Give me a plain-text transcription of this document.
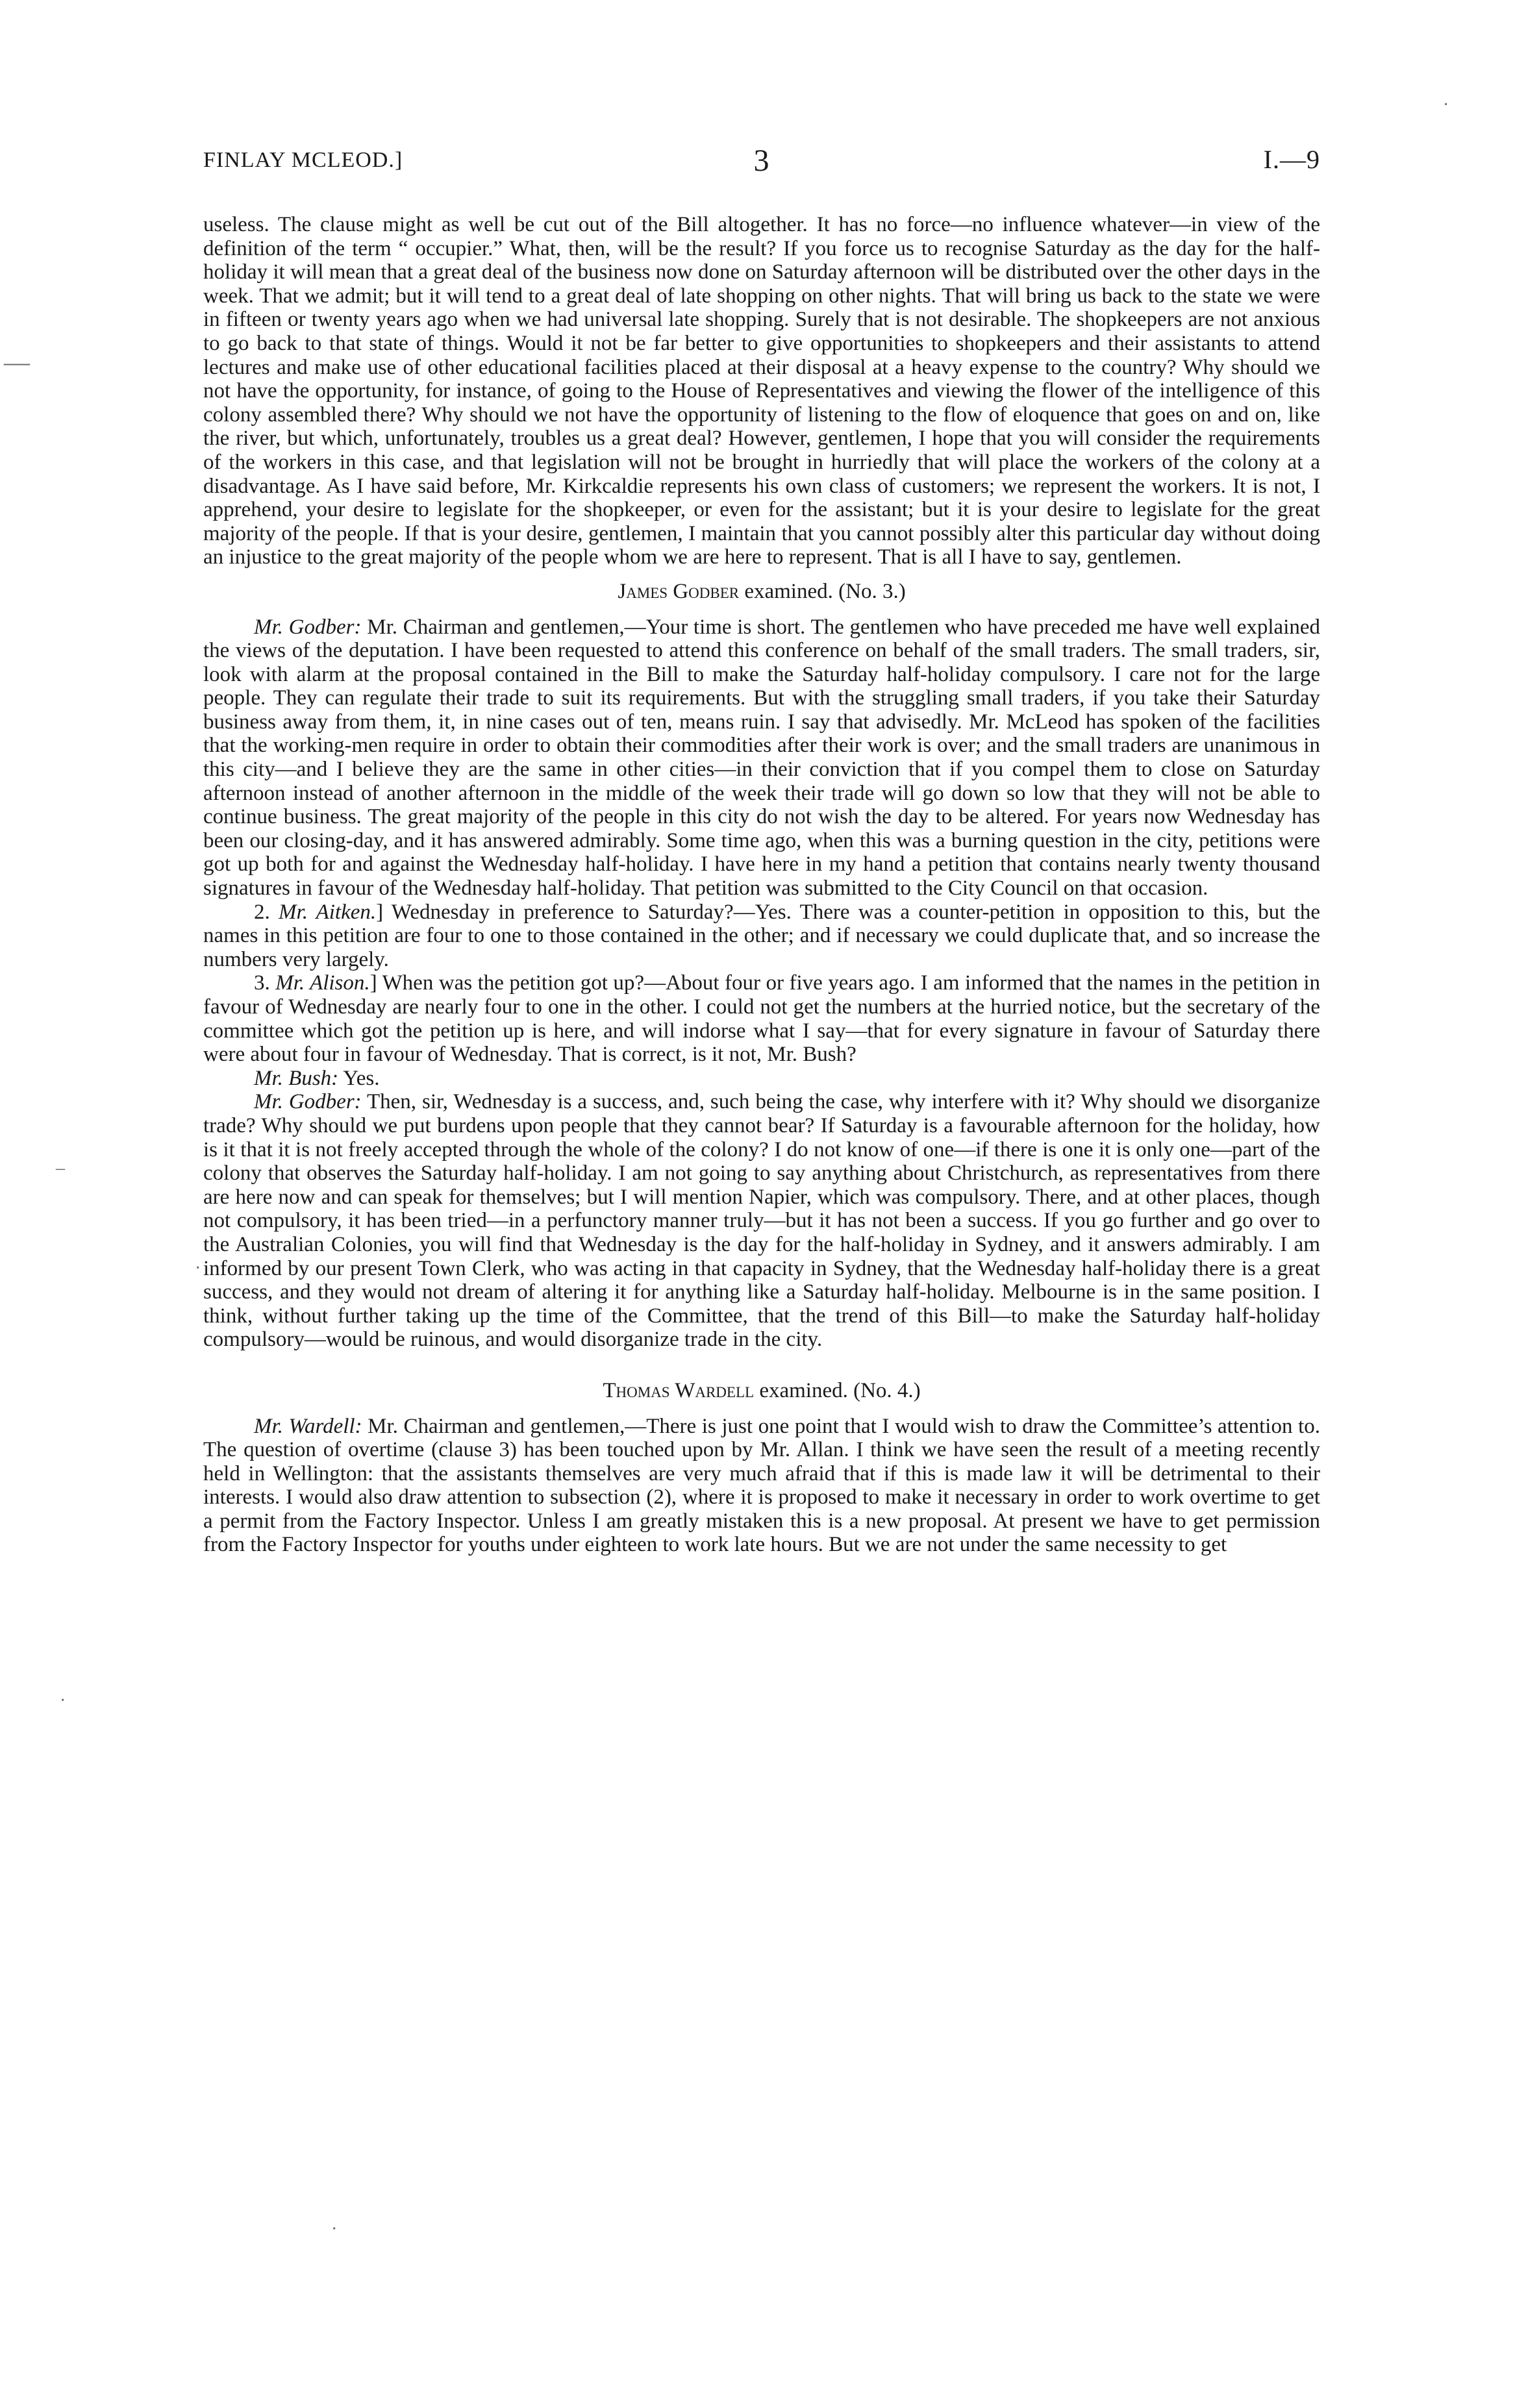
—
·
–
·
·
·
FINLAY MCLEOD.]	3	I.—9

useless. The clause might as well be cut out of the Bill altogether. It has no force—no influence whatever—in view of the definition of the term “ occupier.” What, then, will be the result? If you force us to recognise Saturday as the day for the half-holiday it will mean that a great deal of the business now done on Saturday afternoon will be distributed over the other days in the week. That we admit; but it will tend to a great deal of late shopping on other nights. That will bring us back to the state we were in fifteen or twenty years ago when we had universal late shopping. Surely that is not desirable. The shopkeepers are not anxious to go back to that state of things. Would it not be far better to give opportunities to shopkeepers and their assistants to attend lectures and make use of other educational facilities placed at their disposal at a heavy expense to the country? Why should we not have the opportunity, for instance, of going to the House of Representatives and viewing the flower of the intelligence of this colony assembled there? Why should we not have the opportunity of listening to the flow of eloquence that goes on and on, like the river, but which, unfortunately, troubles us a great deal? However, gentlemen, I hope that you will consider the requirements of the workers in this case, and that legislation will not be brought in hurriedly that will place the workers of the colony at a disadvantage. As I have said before, Mr. Kirkcaldie represents his own class of customers; we represent the workers. It is not, I apprehend, your desire to legislate for the shopkeeper, or even for the assistant; but it is your desire to legislate for the great majority of the people. If that is your desire, gentlemen, I maintain that you cannot possibly alter this particular day without doing an injustice to the great majority of the people whom we are here to represent. That is all I have to say, gentlemen.

James Godber examined. (No. 3.)

Mr. Godber: Mr. Chairman and gentlemen,—Your time is short. The gentlemen who have preceded me have well explained the views of the deputation. I have been requested to attend this conference on behalf of the small traders. The small traders, sir, look with alarm at the proposal contained in the Bill to make the Saturday half-holiday compulsory. I care not for the large people. They can regulate their trade to suit its requirements. But with the struggling small traders, if you take their Saturday business away from them, it, in nine cases out of ten, means ruin. I say that advisedly. Mr. McLeod has spoken of the facilities that the working-men require in order to obtain their commodities after their work is over; and the small traders are unanimous in this city—and I believe they are the same in other cities—in their conviction that if you compel them to close on Saturday afternoon instead of another afternoon in the middle of the week their trade will go down so low that they will not be able to continue business. The great majority of the people in this city do not wish the day to be altered. For years now Wednesday has been our closing-day, and it has answered admirably. Some time ago, when this was a burning question in the city, petitions were got up both for and against the Wednesday half-holiday. I have here in my hand a petition that contains nearly twenty thousand signatures in favour of the Wednesday half-holiday. That petition was submitted to the City Council on that occasion.

2. Mr. Aitken.] Wednesday in preference to Saturday?—Yes. There was a counter-petition in opposition to this, but the names in this petition are four to one to those contained in the other; and if necessary we could duplicate that, and so increase the numbers very largely.

3. Mr. Alison.] When was the petition got up?—About four or five years ago. I am informed that the names in the petition in favour of Wednesday are nearly four to one in the other. I could not get the numbers at the hurried notice, but the secretary of the committee which got the petition up is here, and will indorse what I say—that for every signature in favour of Saturday there were about four in favour of Wednesday. That is correct, is it not, Mr. Bush?

Mr. Bush: Yes.

Mr. Godber: Then, sir, Wednesday is a success, and, such being the case, why interfere with it? Why should we disorganize trade? Why should we put burdens upon people that they cannot bear? If Saturday is a favourable afternoon for the holiday, how is it that it is not freely accepted through the whole of the colony? I do not know of one—if there is one it is only one—part of the colony that observes the Saturday half-holiday. I am not going to say anything about Christchurch, as representatives from there are here now and can speak for themselves; but I will mention Napier, which was compulsory. There, and at other places, though not compulsory, it has been tried—in a perfunctory manner truly—but it has not been a success. If you go further and go over to the Australian Colonies, you will find that Wednesday is the day for the half-holiday in Sydney, and it answers admirably. I am informed by our present Town Clerk, who was acting in that capacity in Sydney, that the Wednesday half-holiday there is a great success, and they would not dream of altering it for anything like a Saturday half-holiday. Melbourne is in the same position. I think, without further taking up the time of the Committee, that the trend of this Bill—to make the Saturday half-holiday compulsory—would be ruinous, and would disorganize trade in the city.

Thomas Wardell examined. (No. 4.)

Mr. Wardell: Mr. Chairman and gentlemen,—There is just one point that I would wish to draw the Committee’s attention to. The question of overtime (clause 3) has been touched upon by Mr. Allan. I think we have seen the result of a meeting recently held in Wellington: that the assistants themselves are very much afraid that if this is made law it will be detrimental to their interests. I would also draw attention to subsection (2), where it is proposed to make it necessary in order to work overtime to get a permit from the Factory Inspector. Unless I am greatly mistaken this is a new proposal. At present we have to get permission from the Factory Inspector for youths under eighteen to work late hours. But we are not under the same necessity to get
